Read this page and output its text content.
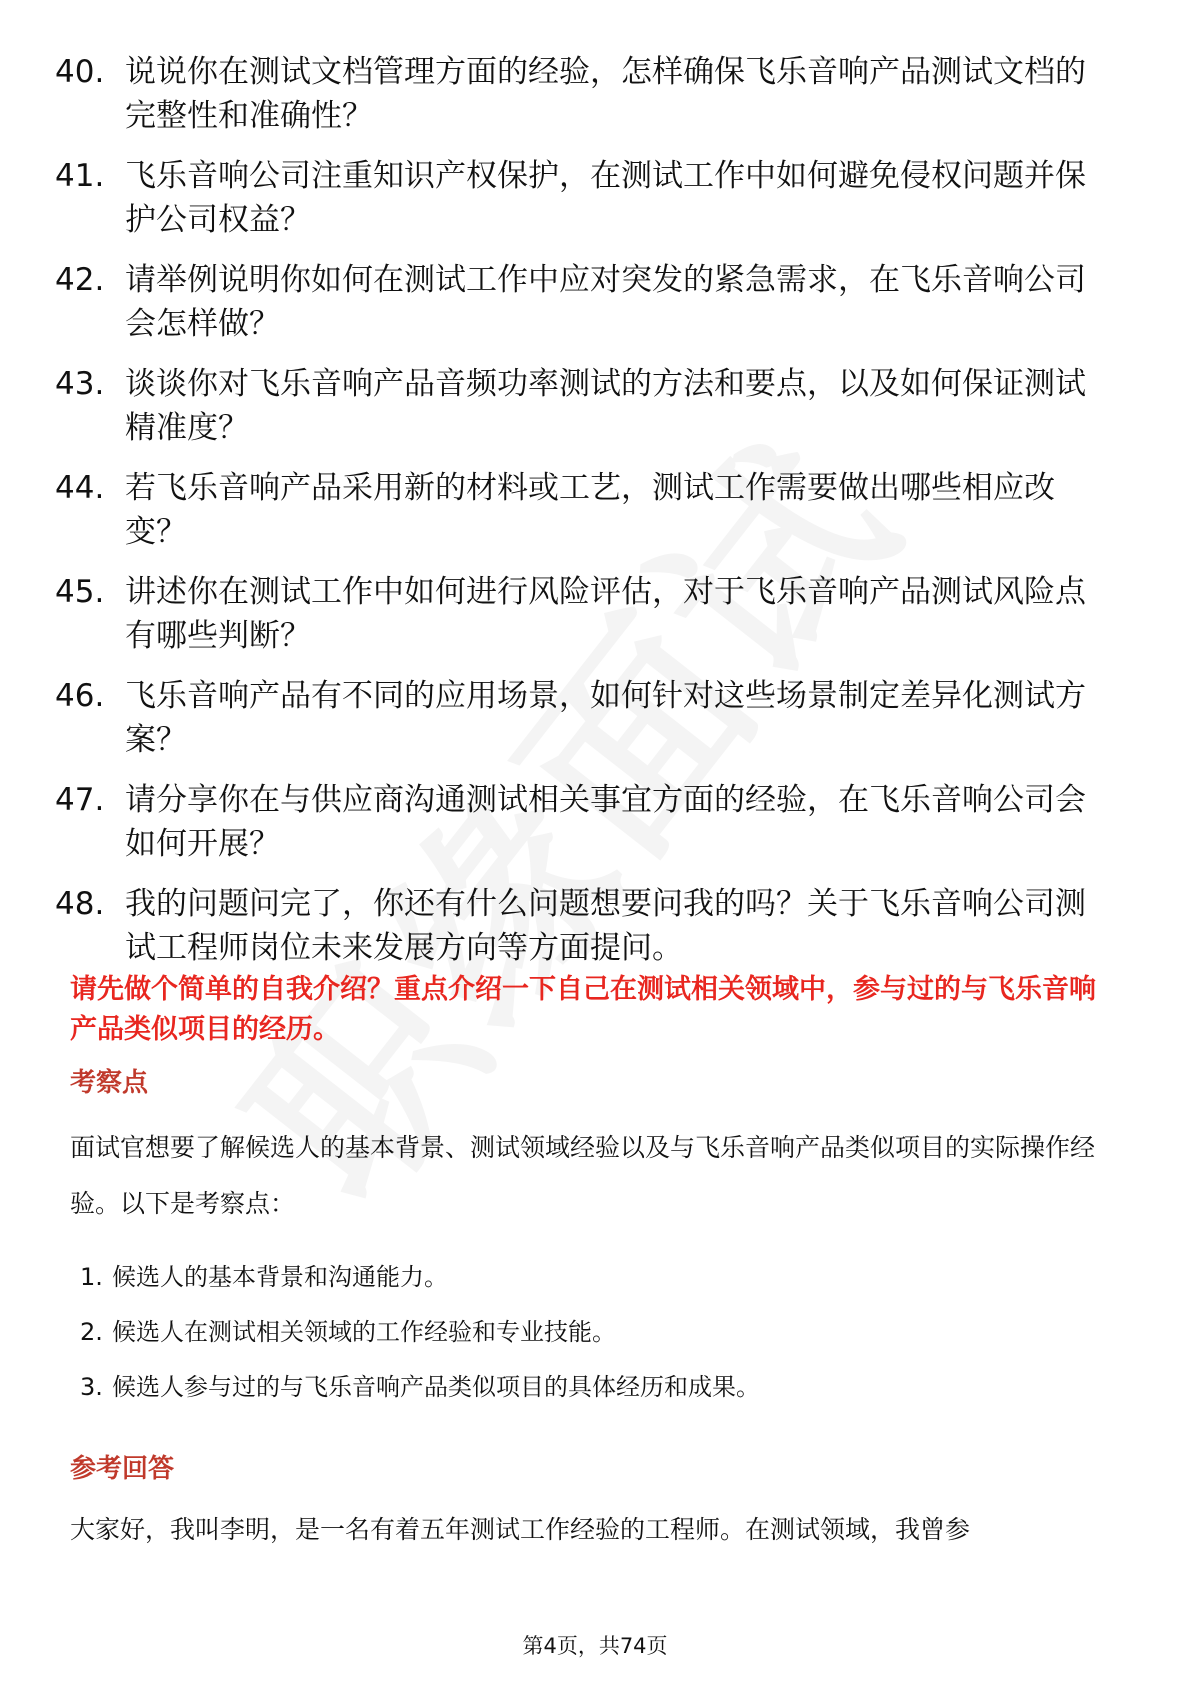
40. 说说你在测试文档管理方面的经验，怎样确保飞乐音响产品测试文档的完整性和准确性？
41. 飞乐音响公司注重知识产权保护，在测试工作中如何避免侵权问题并保护公司权益？
42. 请举例说明你如何在测试工作中应对突发的紧急需求，在飞乐音响公司会怎样做？
43. 谈谈你对飞乐音响产品音频功率测试的方法和要点，以及如何保证测试精准度？
44. 若飞乐音响产品采用新的材料或工艺，测试工作需要做出哪些相应改变？
45. 讲述你在测试工作中如何进行风险评估，对于飞乐音响产品测试风险点有哪些判断？
46. 飞乐音响产品有不同的应用场景，如何针对这些场景制定差异化测试方案？
47. 请分享你在与供应商沟通测试相关事宜方面的经验，在飞乐音响公司会如何开展？
48. 我的问题问完了，你还有什么问题想要问我的吗？关于飞乐音响公司测试工程师岗位未来发展方向等方面提问。
请先做个简单的自我介绍？重点介绍一下自己在测试相关领域中，参与过的与飞乐音响产品类似项目的经历。
考察点
面试官想要了解候选人的基本背景、测试领域经验以及与飞乐音响产品类似项目的实际操作经验。以下是考察点：
1. 候选人的基本背景和沟通能力。
2. 候选人在测试相关领域的工作经验和专业技能。
3. 候选人参与过的与飞乐音响产品类似项目的具体经历和成果。
参考回答
大家好，我叫李明，是一名有着五年测试工作经验的工程师。在测试领域，我曾参
第4页，共74页
